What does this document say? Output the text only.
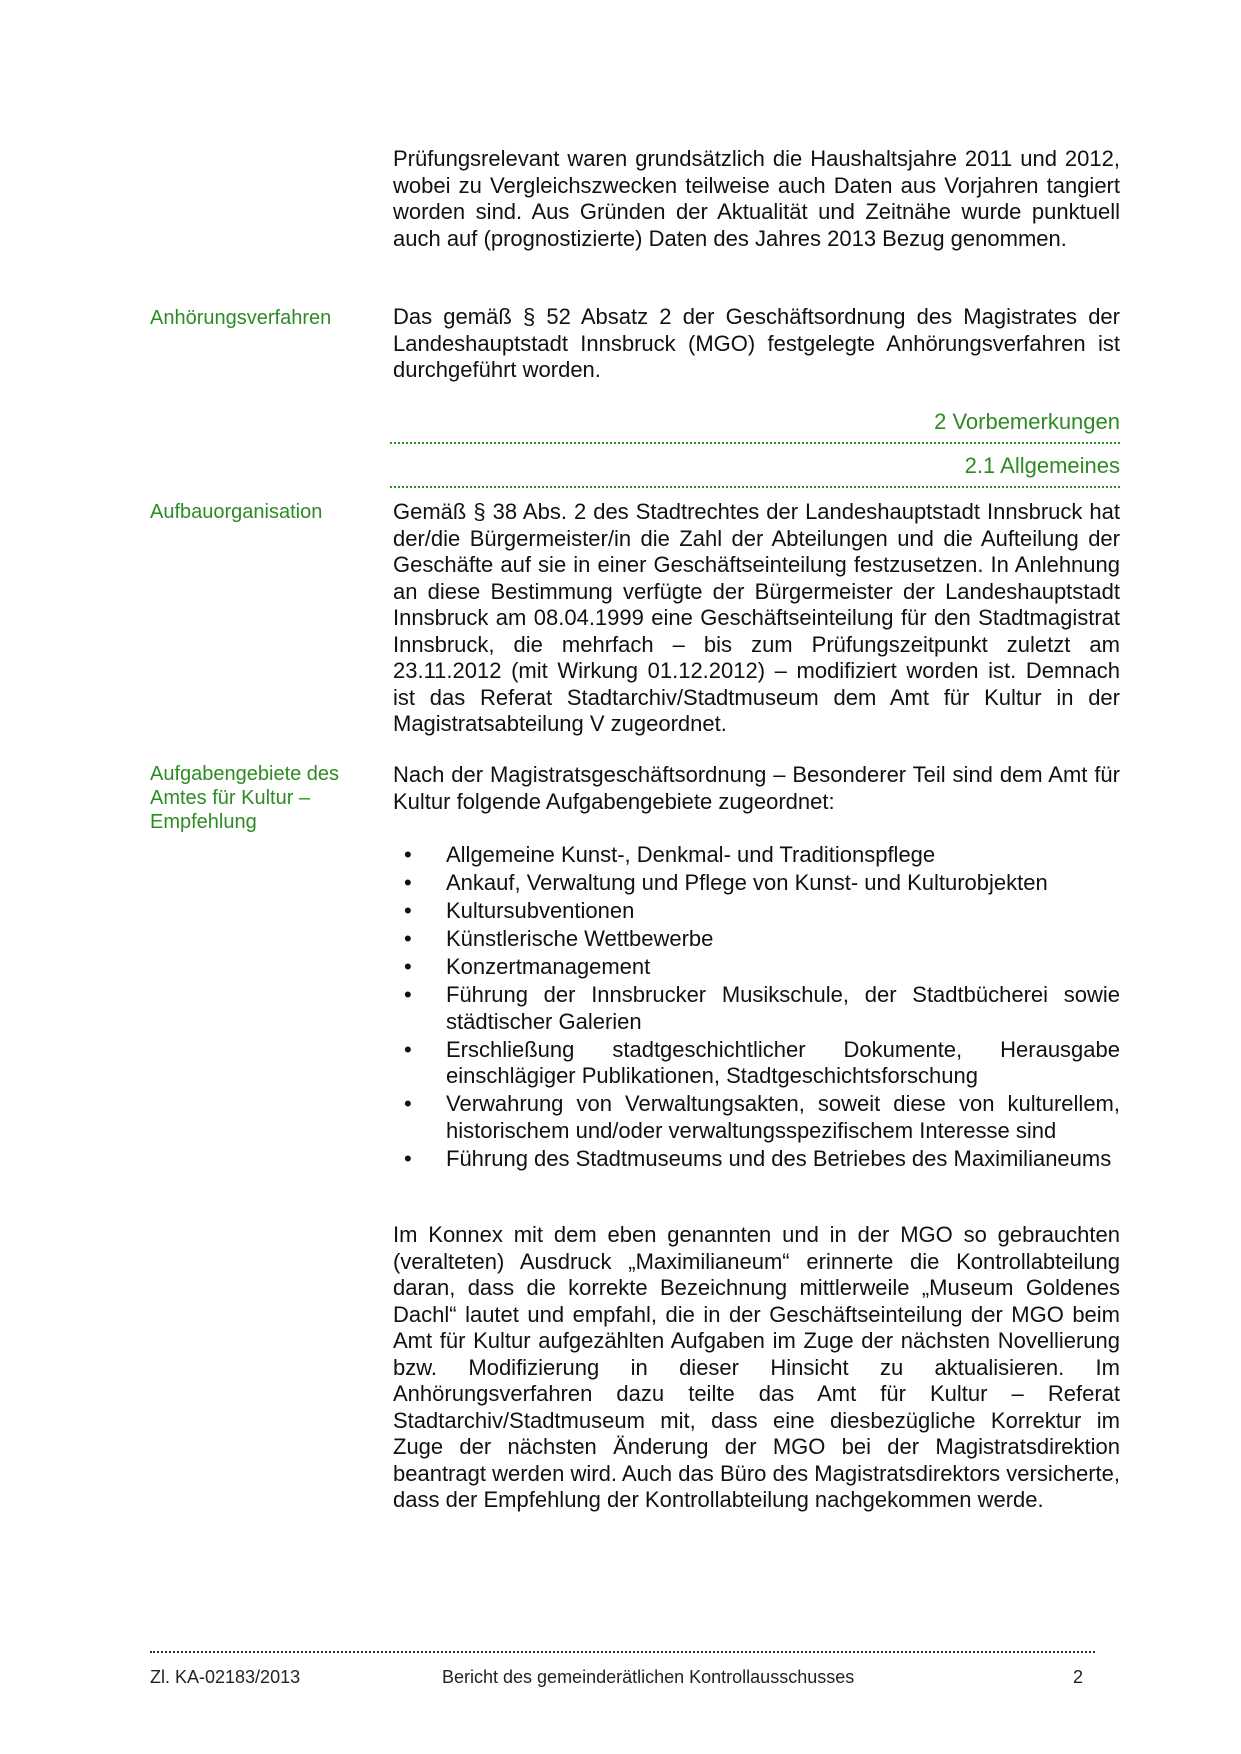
Prüfungsrelevant waren grundsätzlich die Haushaltsjahre 2011 und 2012, wobei zu Vergleichszwecken teilweise auch Daten aus Vorjahren tangiert worden sind. Aus Gründen der Aktualität und Zeitnähe wurde punktuell auch auf (prognostizierte) Daten des Jahres 2013 Bezug genommen.
Anhörungsverfahren	Das gemäß § 52 Absatz 2 der Geschäftsordnung des Magistrates der Landeshauptstadt Innsbruck (MGO) festgelegte Anhörungsverfahren ist durchgeführt worden.
2 Vorbemerkungen
2.1 Allgemeines
Aufbauorganisation	Gemäß § 38 Abs. 2 des Stadtrechtes der Landeshauptstadt Innsbruck hat der/die Bürgermeister/in die Zahl der Abteilungen und die Aufteilung der Geschäfte auf sie in einer Geschäftseinteilung festzusetzen. In Anlehnung an diese Bestimmung verfügte der Bürgermeister der Landeshauptstadt Innsbruck am 08.04.1999 eine Geschäftseinteilung für den Stadtmagistrat Innsbruck, die mehrfach – bis zum Prüfungszeitpunkt zuletzt am 23.11.2012 (mit Wirkung 01.12.2012) – modifiziert worden ist. Demnach ist das Referat Stadtarchiv/Stadtmuseum dem Amt für Kultur in der Magistratsabteilung V zugeordnet.
Aufgabengebiete des Amtes für Kultur – Empfehlung
Nach der Magistratsgeschäftsordnung – Besonderer Teil sind dem Amt für Kultur folgende Aufgabengebiete zugeordnet:
• Allgemeine Kunst-, Denkmal- und Traditionspflege
• Ankauf, Verwaltung und Pflege von Kunst- und Kulturobjekten
• Kultursubventionen
• Künstlerische Wettbewerbe
• Konzertmanagement
• Führung der Innsbrucker Musikschule, der Stadtbücherei sowie städtischer Galerien
• Erschließung stadtgeschichtlicher Dokumente, Herausgabe einschlägiger Publikationen, Stadtgeschichtsforschung
• Verwahrung von Verwaltungsakten, soweit diese von kulturellem, historischem und/oder verwaltungsspezifischem Interesse sind
• Führung des Stadtmuseums und des Betriebes des Maximilianeums
Im Konnex mit dem eben genannten und in der MGO so gebrauchten (veralteten) Ausdruck „Maximilianeum“ erinnerte die Kontrollabteilung daran, dass die korrekte Bezeichnung mittlerweile „Museum Goldenes Dachl“ lautet und empfahl, die in der Geschäftseinteilung der MGO beim Amt für Kultur aufgezählten Aufgaben im Zuge der nächsten Novellierung bzw. Modifizierung in dieser Hinsicht zu aktualisieren. Im Anhörungsverfahren dazu teilte das Amt für Kultur – Referat Stadtarchiv/Stadtmuseum mit, dass eine diesbezügliche Korrektur im Zuge der nächsten Änderung der MGO bei der Magistratsdirektion beantragt werden wird. Auch das Büro des Magistratsdirektors versicherte, dass der Empfehlung der Kontrollabteilung nachgekommen werde.
Zl. KA-02183/2013	Bericht des gemeinderätlichen Kontrollausschusses	2
